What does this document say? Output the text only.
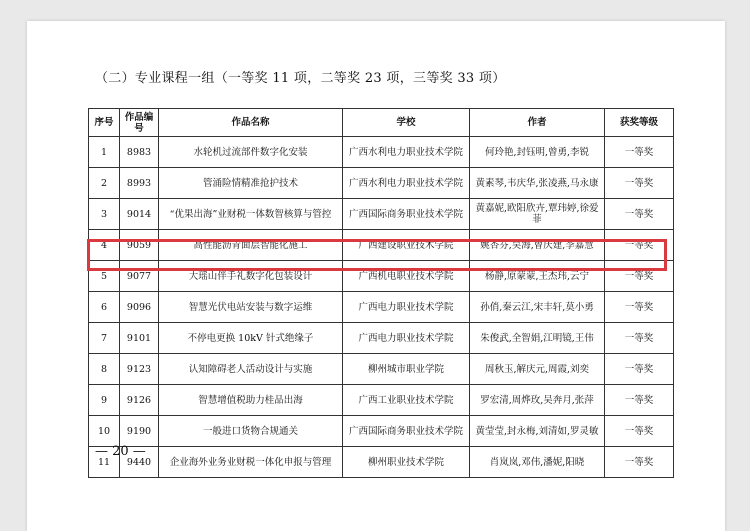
（二）专业课程一组（一等奖 11 项，二等奖 23 项，三等奖 33 项）
序号	作品编号	作品名称	学校	作者	获奖等级
1	8983	水轮机过流部件数字化安装	广西水利电力职业技术学院	何玲艳,封钰明,曾勇,李锐	一等奖
2	8993	管涌险情精准抢护技术	广西水利电力职业技术学院	黄素琴,韦庆华,张凌燕,马永康	一等奖
3	9014	“优果出海”业财税一体数智核算与管控	广西国际商务职业技术学院	黄嘉妮,欧阳欣卉,覃玮婷,徐爱菲	一等奖
4	9059	高性能沥青面层智能化施工	广西建设职业技术学院	姚杏芬,吴海,曾庆建,李嘉慧	一等奖
5	9077	大瑶山伴手礼数字化包装设计	广西机电职业技术学院	杨静,原蒙蒙,王杰玮,云宁	一等奖
6	9096	智慧光伏电站安装与数字运维	广西电力职业技术学院	孙俏,秦云江,宋丰轩,莫小勇	一等奖
7	9101	不停电更换 10kV 针式绝缘子	广西电力职业技术学院	朱俊武,全智娟,江明镜,王伟	一等奖
8	9123	认知障碍老人活动设计与实施	柳州城市职业学院	周秋玉,解庆元,周霞,刘奕	一等奖
9	9126	智慧增值税助力桂品出海	广西工业职业技术学院	罗宏清,周烨玫,吴奔月,张萍	一等奖
10	9190	一般进口货物合规通关	广西国际商务职业技术学院	黄莹莹,封永梅,刘清如,罗灵敏	一等奖
11	9440	企业海外业务业财税一体化申报与管理	柳州职业技术学院	肖岚岚,邓伟,潘妮,阳晓	一等奖
— 20 —
